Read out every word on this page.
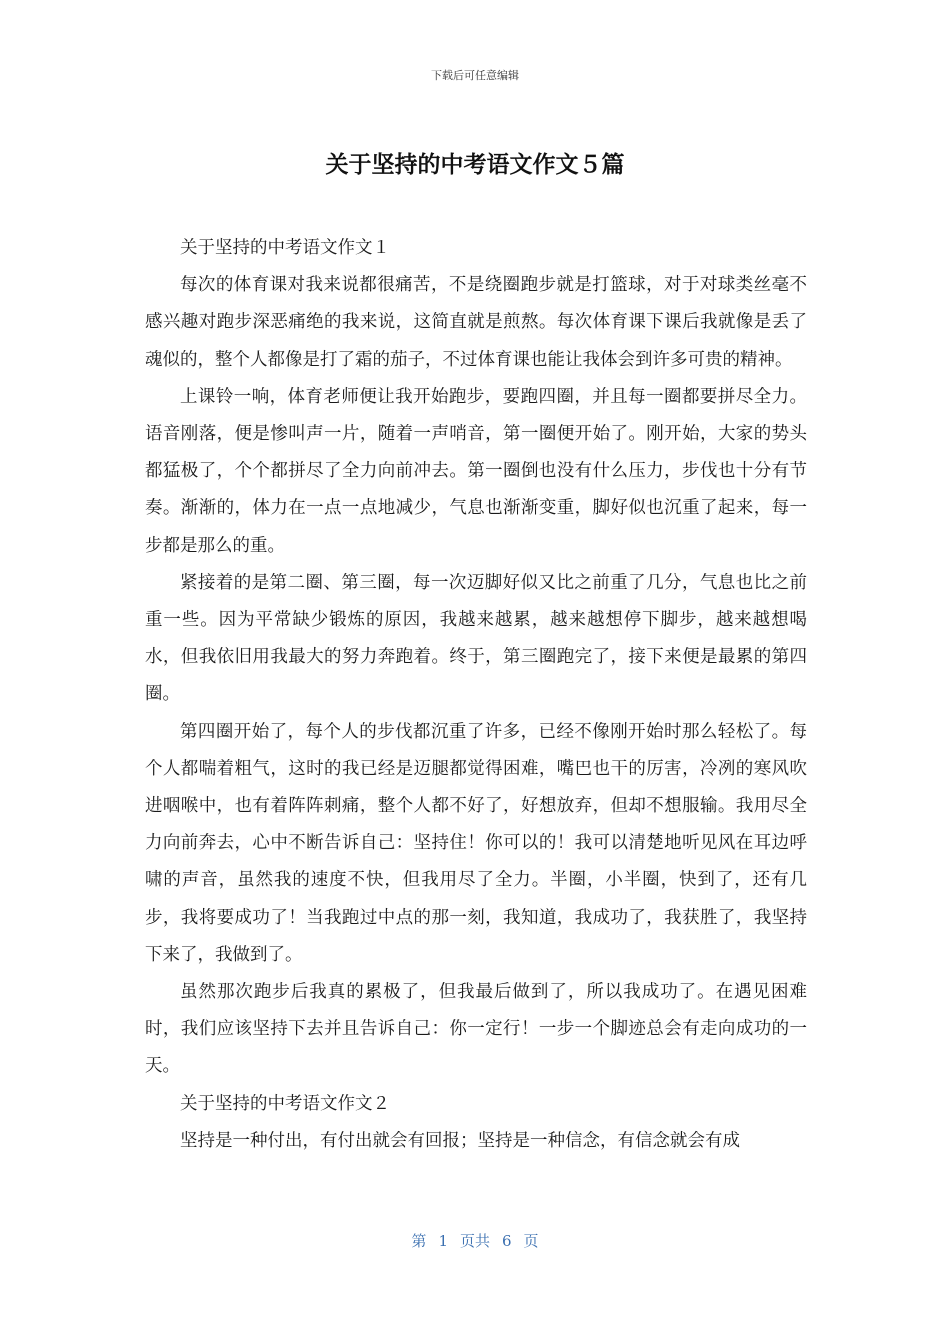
下载后可任意编辑
关于坚持的中考语文作文５篇

关于坚持的中考语文作文１

每次的体育课对我来说都很痛苦，不是绕圈跑步就是打篮球，对于对球类丝毫不感兴趣对跑步深恶痛绝的我来说，这简直就是煎熬。每次体育课下课后我就像是丢了魂似的，整个人都像是打了霜的茄子，不过体育课也能让我体会到许多可贵的精神。

上课铃一响，体育老师便让我开始跑步，要跑四圈，并且每一圈都要拼尽全力。语音刚落，便是惨叫声一片，随着一声哨音，第一圈便开始了。刚开始，大家的势头都猛极了，个个都拼尽了全力向前冲去。第一圈倒也没有什么压力，步伐也十分有节奏。渐渐的，体力在一点一点地减少，气息也渐渐变重，脚好似也沉重了起来，每一步都是那么的重。

紧接着的是第二圈、第三圈，每一次迈脚好似又比之前重了几分，气息也比之前重一些。因为平常缺少锻炼的原因，我越来越累，越来越想停下脚步，越来越想喝水，但我依旧用我最大的努力奔跑着。终于，第三圈跑完了，接下来便是最累的第四圈。

第四圈开始了，每个人的步伐都沉重了许多，已经不像刚开始时那么轻松了。每个人都喘着粗气，这时的我已经是迈腿都觉得困难，嘴巴也干的厉害，冷冽的寒风吹进咽喉中，也有着阵阵刺痛，整个人都不好了，好想放弃，但却不想服输。我用尽全力向前奔去，心中不断告诉自己：坚持住！你可以的！我可以清楚地听见风在耳边呼啸的声音，虽然我的速度不快，但我用尽了全力。半圈，小半圈，快到了，还有几步，我将要成功了！当我跑过中点的那一刻，我知道，我成功了，我获胜了，我坚持下来了，我做到了。

虽然那次跑步后我真的累极了，但我最后做到了，所以我成功了。在遇见困难时，我们应该坚持下去并且告诉自己：你一定行！一步一个脚迹总会有走向成功的一天。

关于坚持的中考语文作文２

坚持是一种付出，有付出就会有回报；坚持是一种信念，有信念就会有成

第 1 页共 6 页
